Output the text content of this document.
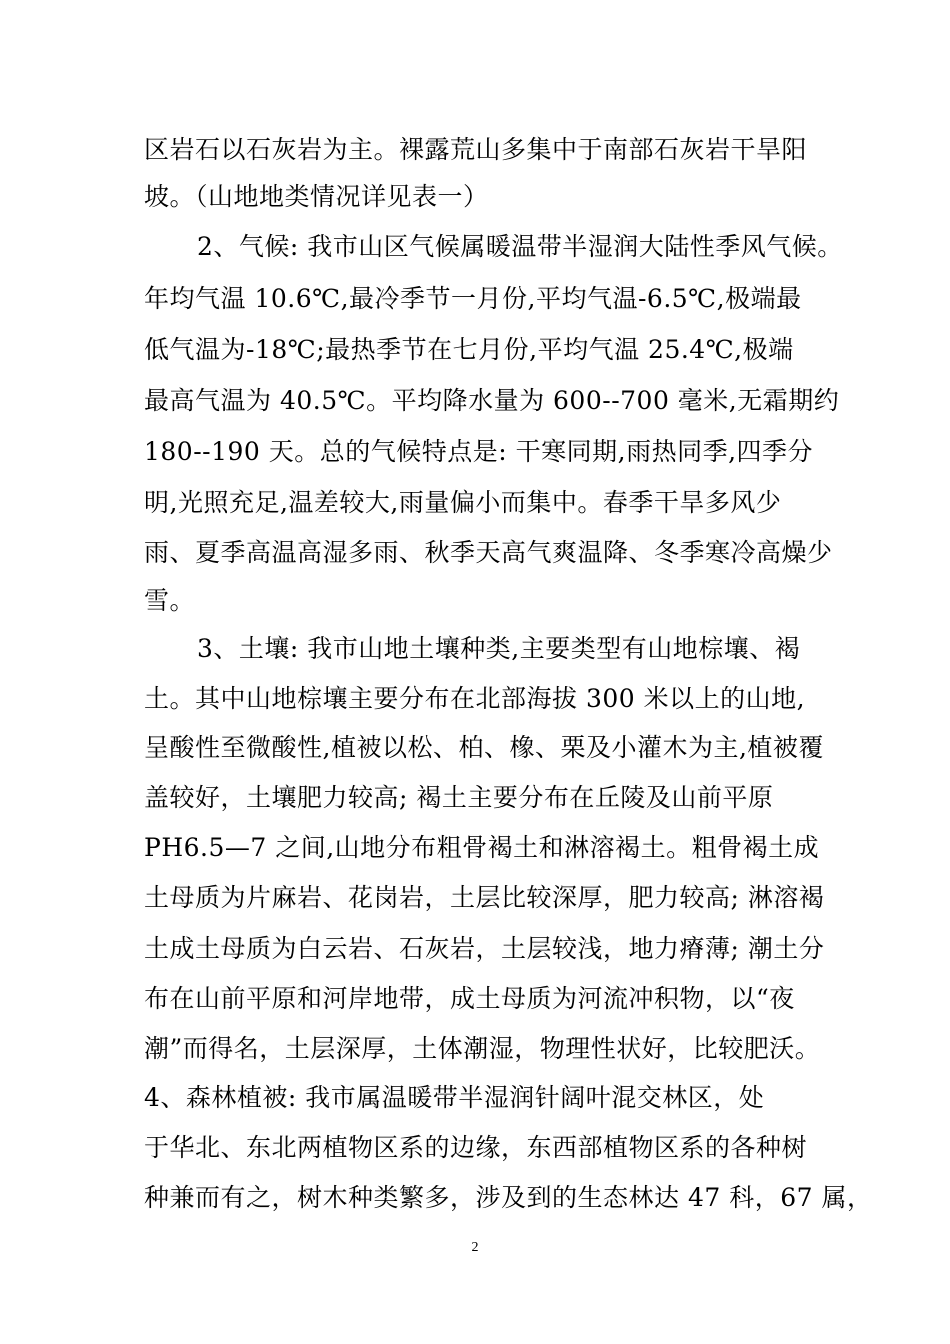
区岩石以石灰岩为主。裸露荒山多集中于南部石灰岩干旱阳
坡。（山地地类情况详见表一）
2、气候: 我市山区气候属暖温带半湿润大陆性季风气候。
年均气温 10.6℃,最冷季节一月份,平均气温-6.5℃,极端最
低气温为-18℃;最热季节在七月份,平均气温 25.4℃,极端
最高气温为 40.5℃。平均降水量为 600--700 毫米,无霜期约
180--190 天。总的气候特点是: 干寒同期,雨热同季,四季分
明,光照充足,温差较大,雨量偏小而集中。春季干旱多风少
雨、夏季高温高湿多雨、秋季天高气爽温降、冬季寒冷高燥少
雪。
3、土壤: 我市山地土壤种类,主要类型有山地棕壤、褐
土。其中山地棕壤主要分布在北部海拔 300 米以上的山地,
呈酸性至微酸性,植被以松、柏、橡、栗及小灌木为主,植被覆
盖较好，土壤肥力较高; 褐土主要分布在丘陵及山前平原
PH6.5—7 之间,山地分布粗骨褐土和淋溶褐土。粗骨褐土成
土母质为片麻岩、花岗岩，土层比较深厚，肥力较高; 淋溶褐
土成土母质为白云岩、石灰岩，土层较浅，地力瘠薄; 潮土分
布在山前平原和河岸地带，成土母质为河流冲积物，以“夜
潮”而得名，土层深厚，土体潮湿，物理性状好，比较肥沃。
4、森林植被: 我市属温暖带半湿润针阔叶混交林区，处
于华北、东北两植物区系的边缘，东西部植物区系的各种树
种兼而有之，树木种类繁多，涉及到的生态林达 47 科，67 属，
2
